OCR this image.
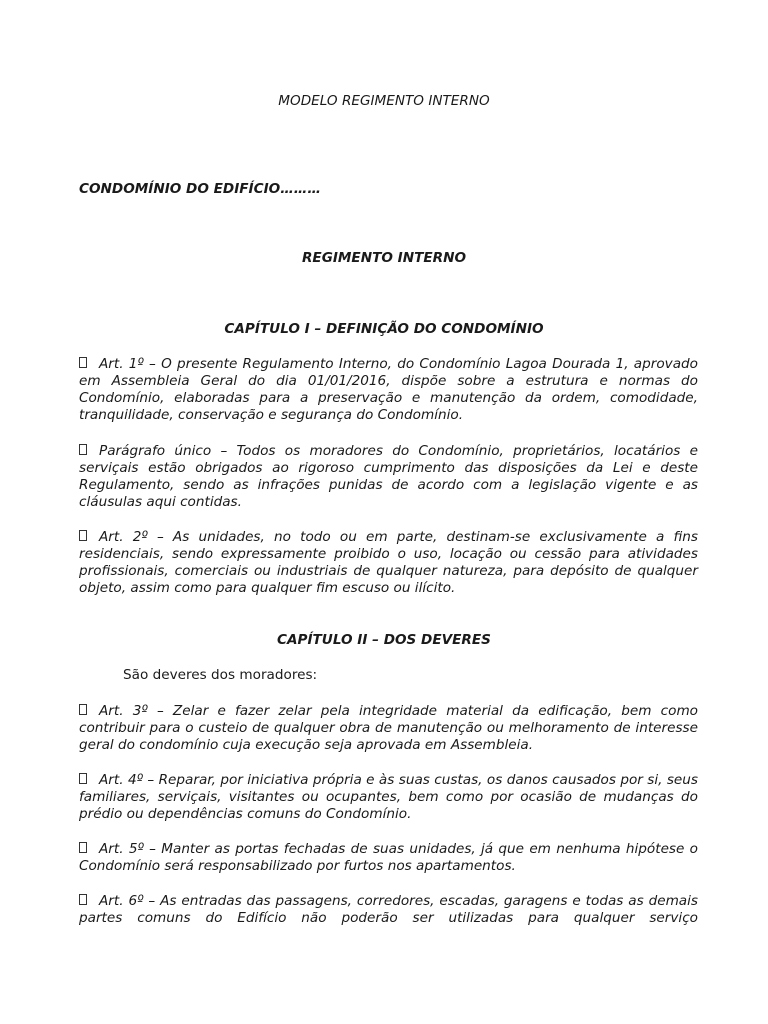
MODELO REGIMENTO INTERNO
CONDOMÍNIO DO EDIFÍCIO………
REGIMENTO INTERNO
CAPÍTULO I – DEFINIÇÃO DO CONDOMÍNIO
Art. 1º – O presente Regulamento Interno, do Condomínio Lagoa Dourada 1, aprovado em Assembleia Geral do dia 01/01/2016, dispõe sobre a estrutura e normas do Condomínio, elaboradas para a preservação e manutenção da ordem, comodidade, tranquilidade, conservação e segurança do Condomínio.
Parágrafo único – Todos os moradores do Condomínio, proprietários, locatários e serviçais estão obrigados ao rigoroso cumprimento das disposições da Lei e deste Regulamento, sendo as infrações punidas de acordo com a legislação vigente e as cláusulas aqui contidas.
Art. 2º – As unidades, no todo ou em parte, destinam-se exclusivamente a fins residenciais, sendo expressamente proibido o uso, locação ou cessão para atividades profissionais, comerciais ou industriais de qualquer natureza, para depósito de qualquer objeto, assim como para qualquer fim escuso ou ilícito.
CAPÍTULO II – DOS DEVERES
São deveres dos moradores:
Art. 3º – Zelar e fazer zelar pela integridade material da edificação, bem como contribuir para o custeio de qualquer obra de manutenção ou melhoramento de interesse geral do condomínio cuja execução seja aprovada em Assembleia.
Art. 4º – Reparar, por iniciativa própria e às suas custas, os danos causados por si, seus familiares, serviçais, visitantes ou ocupantes, bem como por ocasião de mudanças do prédio ou dependências comuns do Condomínio.
Art. 5º – Manter as portas fechadas de suas unidades, já que em nenhuma hipótese o Condomínio será responsabilizado por furtos nos apartamentos.
Art. 6º – As entradas das passagens, corredores, escadas, garagens e todas as demais partes comuns do Edifício não poderão ser utilizadas para qualquer serviço
